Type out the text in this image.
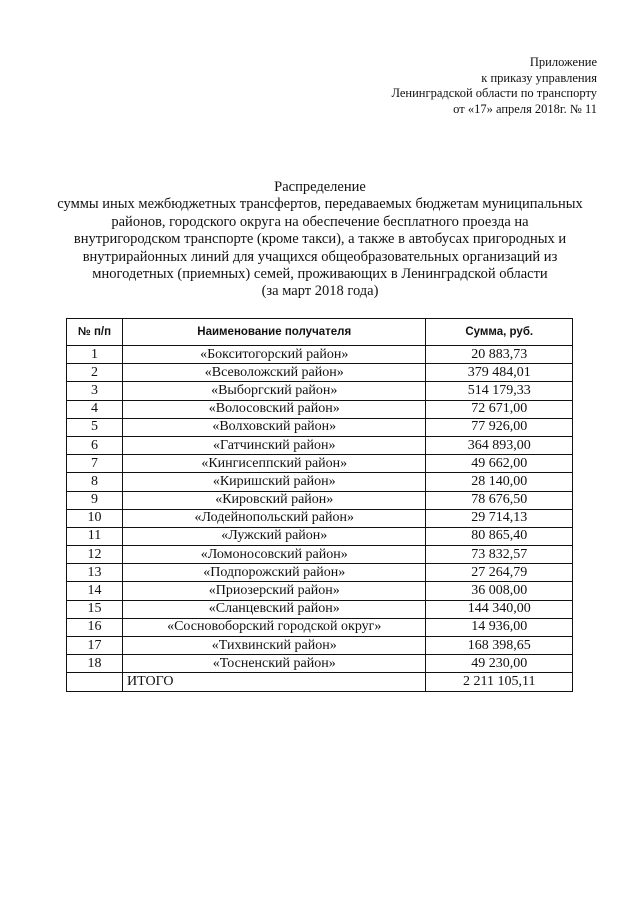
Приложение
к приказу управления
Ленинградской области по транспорту
от «17» апреля 2018г. № 11
Распределение
суммы иных межбюджетных трансфертов, передаваемых бюджетам муниципальных
районов, городского округа на обеспечение бесплатного проезда на
внутригородском транспорте (кроме такси), а также в автобусах пригородных и
внутрирайонных линий для учащихся общеобразовательных организаций из
многодетных (приемных) семей, проживающих в Ленинградской области
(за март 2018 года)
№ п/п	Наименование получателя	Сумма, руб.
1	«Бокситогорский район»	20 883,73
2	«Всеволожский район»	379 484,01
3	«Выборгский район»	514 179,33
4	«Волосовский район»	72 671,00
5	«Волховский район»	77 926,00
6	«Гатчинский район»	364 893,00
7	«Кингисеппский район»	49 662,00
8	«Киришский район»	28 140,00
9	«Кировский район»	78 676,50
10	«Лодейнопольский район»	29 714,13
11	«Лужский район»	80 865,40
12	«Ломоносовский район»	73 832,57
13	«Подпорожский район»	27 264,79
14	«Приозерский район»	36 008,00
15	«Сланцевский район»	144 340,00
16	«Сосновоборский городской округ»	14 936,00
17	«Тихвинский район»	168 398,65
18	«Тосненский район»	49 230,00
	ИТОГО	2 211 105,11
